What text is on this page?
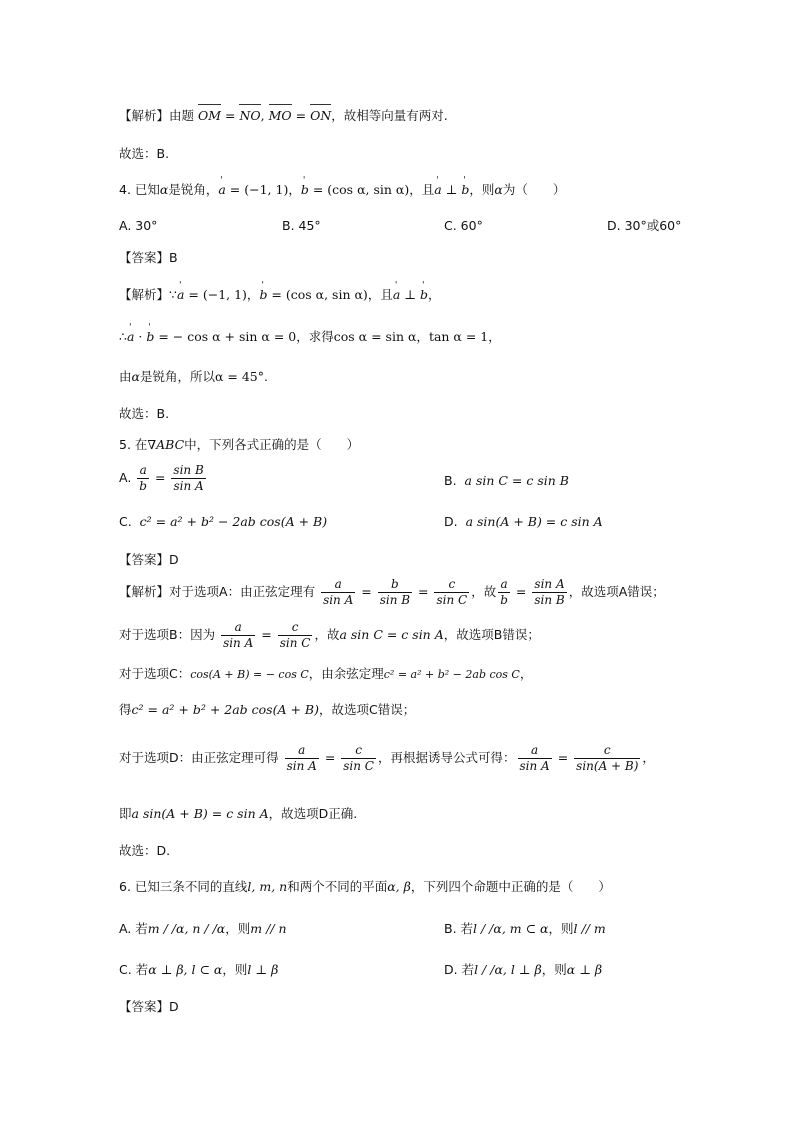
【解析】由题 OM = NO, MO = ON，故相等向量有两对.
故选：B.
4. 已知α是锐角，' a = (−1, 1)，' b = (cos α, sin α)，且' a ⊥ ' b，则α为（　　）
A. 30°	B. 45°	C. 60°	D. 30°或60°
【答案】B
【解析】∵' a = (−1, 1)，' b = (cos α, sin α)，且' a ⊥ ' b，
∴' a · ' b = − cos α + sin α = 0，求得cos α = sin α，tan α = 1，
由α是锐角，所以α = 45°.
故选：B.
5. 在∇ABC中，下列各式正确的是（　　）
A. $\frac{a}{b} = \frac{\text{sin B}}{\text{sin A}}$	B. a sin C = c sin B
C. c² = a² + b² − 2ab cos(A + B)	D. a sin(A + B) = c sin A
【答案】D
【解析】对于选项A：由正弦定理有 $\frac{a}{\text{sin A}} = \frac{b}{\text{sin B}} = \frac{c}{\text{sin C}}$ ，故 $\frac{a}{b} = \frac{\text{sin A}}{\text{sin B}}$ ，故选项A错误；
对于选项B：因为 $\frac{a}{\text{sin A}} = \frac{c}{\text{sin C}}$ ，故a sin C = c sin A，故选项B错误；
对于选项C：cos(A + B) = − cos C，由余弦定理c² = a² + b² − 2ab cos C，
得c² = a² + b² + 2ab cos(A + B)，故选项C错误；
对于选项D：由正弦定理可得 $\frac{a}{\text{sin A}} = \frac{c}{\text{sin C}}$ ，再根据诱导公式可得： $\frac{a}{\text{sin A}} = \frac{c}{\sin(A + B)}$ ，
即a sin(A + B) = c sin A，故选项D正确.
故选：D.
6. 已知三条不同的直线l, m, n和两个不同的平面α, β，下列四个命题中正确的是（　　）
A. 若m / /α, n / /α，则m // n	B. 若l / /α, m ⊂ α，则l // m
C. 若α ⊥ β, l ⊂ α，则l ⊥ β	D. 若l / /α, l ⊥ β，则α ⊥ β
【答案】D
